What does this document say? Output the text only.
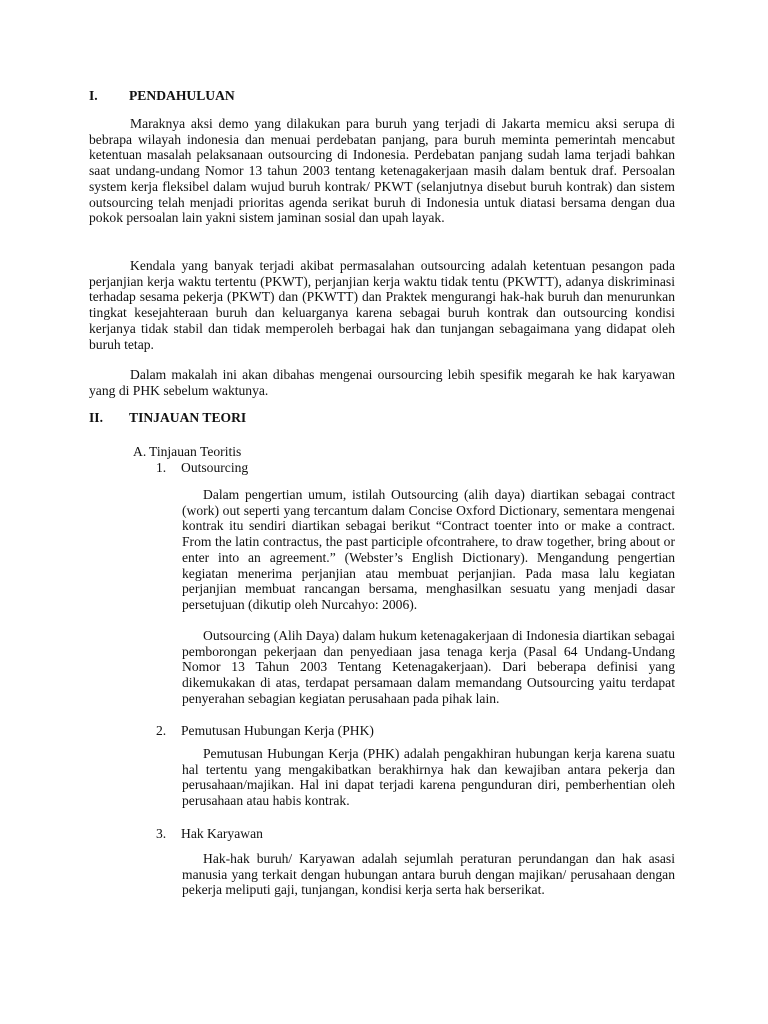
I. PENDAHULUAN

Maraknya aksi demo yang dilakukan para buruh yang terjadi di Jakarta memicu aksi serupa di bebrapa wilayah indonesia dan menuai perdebatan panjang, para buruh meminta pemerintah mencabut ketentuan masalah pelaksanaan outsourcing di Indonesia. Perdebatan panjang sudah lama terjadi bahkan saat undang-undang Nomor 13 tahun 2003 tentang ketenagakerjaan masih dalam bentuk draf. Persoalan system kerja fleksibel dalam wujud buruh kontrak/ PKWT (selanjutnya disebut buruh kontrak) dan sistem outsourcing telah menjadi prioritas agenda serikat buruh di Indonesia untuk diatasi bersama dengan dua pokok persoalan lain yakni sistem jaminan sosial dan upah layak.

Kendala yang banyak terjadi akibat permasalahan outsourcing adalah ketentuan pesangon pada perjanjian kerja waktu tertentu (PKWT), perjanjian kerja waktu tidak tentu (PKWTT), adanya diskriminasi terhadap sesama pekerja (PKWT) dan (PKWTT) dan Praktek mengurangi hak-hak buruh dan menurunkan tingkat kesejahteraan buruh dan keluarganya karena sebagai buruh kontrak dan outsourcing kondisi kerjanya tidak stabil dan tidak memperoleh berbagai hak dan tunjangan sebagaimana yang didapat oleh buruh tetap.

Dalam makalah ini akan dibahas mengenai oursourcing lebih spesifik megarah ke hak karyawan yang di PHK sebelum waktunya.

II. TINJAUAN TEORI
A. Tinjauan Teoritis
1. Outsourcing

Dalam pengertian umum, istilah Outsourcing (alih daya) diartikan sebagai contract (work) out seperti yang tercantum dalam Concise Oxford Dictionary, sementara mengenai kontrak itu sendiri diartikan sebagai berikut “Contract toenter into or make a contract. From the latin contractus, the past participle ofcontrahere, to draw together, bring about or enter into an agreement.” (Webster’s English Dictionary). Mengandung pengertian kegiatan menerima perjanjian atau membuat perjanjian. Pada masa lalu kegiatan perjanjian membuat rancangan bersama, menghasilkan sesuatu yang menjadi dasar persetujuan (dikutip oleh Nurcahyo: 2006).

Outsourcing (Alih Daya) dalam hukum ketenagakerjaan di Indonesia diartikan sebagai pemborongan pekerjaan dan penyediaan jasa tenaga kerja (Pasal 64 Undang-Undang Nomor 13 Tahun 2003 Tentang Ketenagakerjaan). Dari beberapa definisi yang dikemukakan di atas, terdapat persamaan dalam memandang Outsourcing yaitu terdapat penyerahan sebagian kegiatan perusahaan pada pihak lain.

2. Pemutusan Hubungan Kerja (PHK)

Pemutusan Hubungan Kerja (PHK) adalah pengakhiran hubungan kerja karena suatu hal tertentu yang mengakibatkan berakhirnya hak dan kewajiban antara pekerja dan perusahaan/majikan. Hal ini dapat terjadi karena pengunduran diri, pemberhentian oleh perusahaan atau habis kontrak.

3. Hak Karyawan

Hak-hak buruh/ Karyawan adalah sejumlah peraturan perundangan dan hak asasi manusia yang terkait dengan hubungan antara buruh dengan majikan/ perusahaan dengan pekerja meliputi gaji, tunjangan, kondisi kerja serta hak berserikat.
